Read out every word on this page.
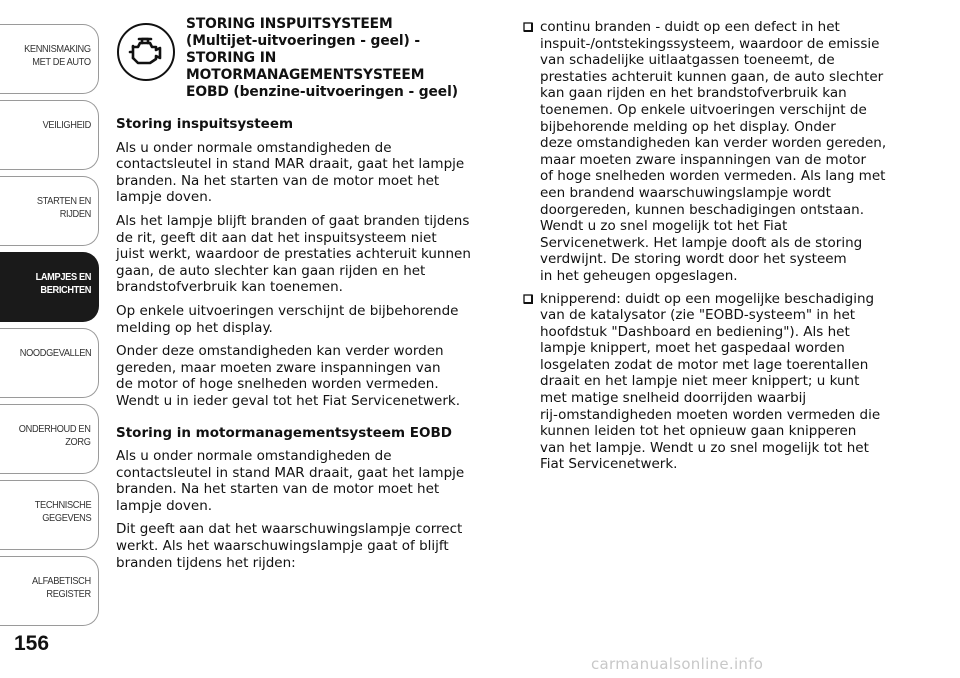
KENNISMAKING
MET DE AUTO
VEILIGHEID
STARTEN EN RIJDEN
LAMPJES EN
BERICHTEN
NOODGEVALLEN
ONDERHOUD EN
ZORG
TECHNISCHE
GEGEVENS
ALFABETISCH
REGISTER
156
STORING INSPUITSYSTEEM
(Multijet-uitvoeringen - geel) -
STORING IN
MOTORMANAGEMENTSYSTEEM
EOBD (benzine-uitvoeringen - geel)
Storing inspuitsysteem

Als u onder normale omstandigheden de
contactsleutel in stand MAR draait, gaat het lampje
branden. Na het starten van de motor moet het
lampje doven.

Als het lampje blijft branden of gaat branden tijdens
de rit, geeft dit aan dat het inspuitsysteem niet
juist werkt, waardoor de prestaties achteruit kunnen
gaan, de auto slechter kan gaan rijden en het
brandstofverbruik kan toenemen.

Op enkele uitvoeringen verschijnt de bijbehorende
melding op het display.

Onder deze omstandigheden kan verder worden
gereden, maar moeten zware inspanningen van
de motor of hoge snelheden worden vermeden.
Wendt u in ieder geval tot het Fiat Servicenetwerk.

Storing in motormanagementsysteem EOBD

Als u onder normale omstandigheden de
contactsleutel in stand MAR draait, gaat het lampje
branden. Na het starten van de motor moet het
lampje doven.

Dit geeft aan dat het waarschuwingslampje correct
werkt. Als het waarschuwingslampje gaat of blijft
branden tijdens het rijden:

continu branden - duidt op een defect in het
inspuit-/ontstekingssysteem, waardoor de emissie
van schadelijke uitlaatgassen toeneemt, de
prestaties achteruit kunnen gaan, de auto slechter
kan gaan rijden en het brandstofverbruik kan
toenemen. Op enkele uitvoeringen verschijnt de
bijbehorende melding op het display. Onder
deze omstandigheden kan verder worden gereden,
maar moeten zware inspanningen van de motor
of hoge snelheden worden vermeden. Als lang met
een brandend waarschuwingslampje wordt
doorgereden, kunnen beschadigingen ontstaan.
Wendt u zo snel mogelijk tot het Fiat
Servicenetwerk. Het lampje dooft als de storing
verdwijnt. De storing wordt door het systeem
in het geheugen opgeslagen.
knipperend: duidt op een mogelijke beschadiging
van de katalysator (zie "EOBD-systeem" in het
hoofdstuk "Dashboard en bediening"). Als het
lampje knippert, moet het gaspedaal worden
losgelaten zodat de motor met lage toerentallen
draait en het lampje niet meer knippert; u kunt
met matige snelheid doorrijden waarbij
rij-omstandigheden moeten worden vermeden die
kunnen leiden tot het opnieuw gaan knipperen
van het lampje. Wendt u zo snel mogelijk tot het
Fiat Servicenetwerk.
carmanualsonline.info
